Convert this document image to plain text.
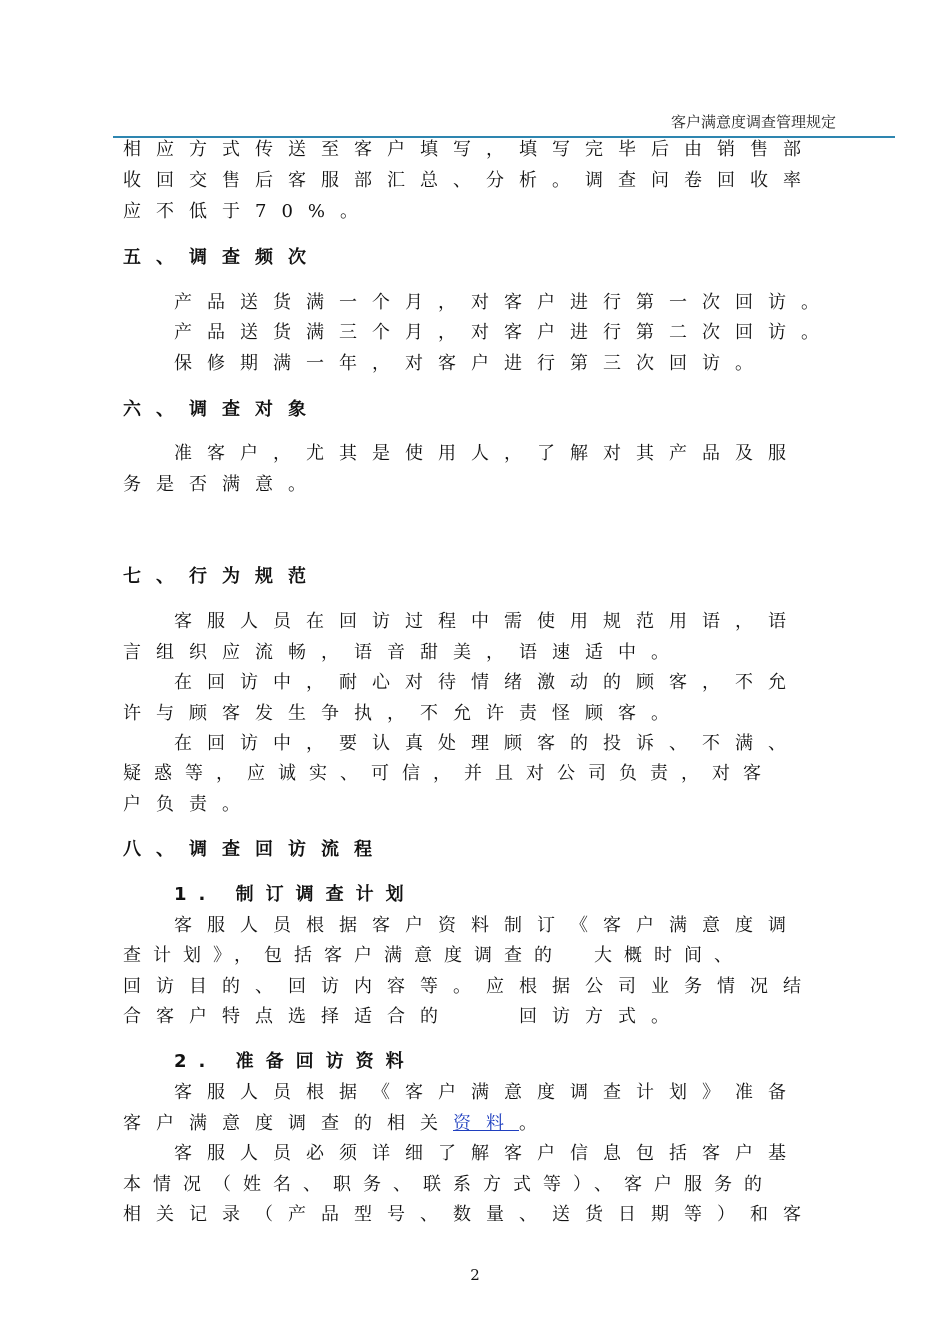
客户满意度调查管理规定
相应方式传送至客户填写，填写完毕后由销售部
收回交售后客服部汇总、分析。调查问卷回收率
应不低于70%。
五、调查频次
产品送货满一个月，对客户进行第一次回访。
产品送货满三个月，对客户进行第二次回访。
保修期满一年，对客户进行第三次回访。
六、调查对象
准客户，尤其是使用人，了解对其产品及服
务是否满意。
七、行为规范
客服人员在回访过程中需使用规范用语，语
言组织应流畅，语音甜美，语速适中。
在回访中，耐心对待情绪激动的顾客，不允
许与顾客发生争执，不允许责怪顾客。
在回访中，要认真处理顾客的投诉、不满、
疑惑等，应诚实、可信，并且对公司负责，对客
户负责。
八、调查回访流程
1. 制订调查计划
客服人员根据客户资料制订《客户满意度调
查计划》，包括客户满意度调查的　大概时间、
回访目的、回访内容等。应根据公司业务情况结
合客户特点选择适合的　　回访方式。
2. 准备回访资料
客服人员根据《客户满意度调查计划》准备
客户满意度调查的相关资料。
客服人员必须详细了解客户信息包括客户基
本情况（姓名、职务、联系方式等）、客户服务的
相关记录（产品型号、数量、送货日期等）和客
2
